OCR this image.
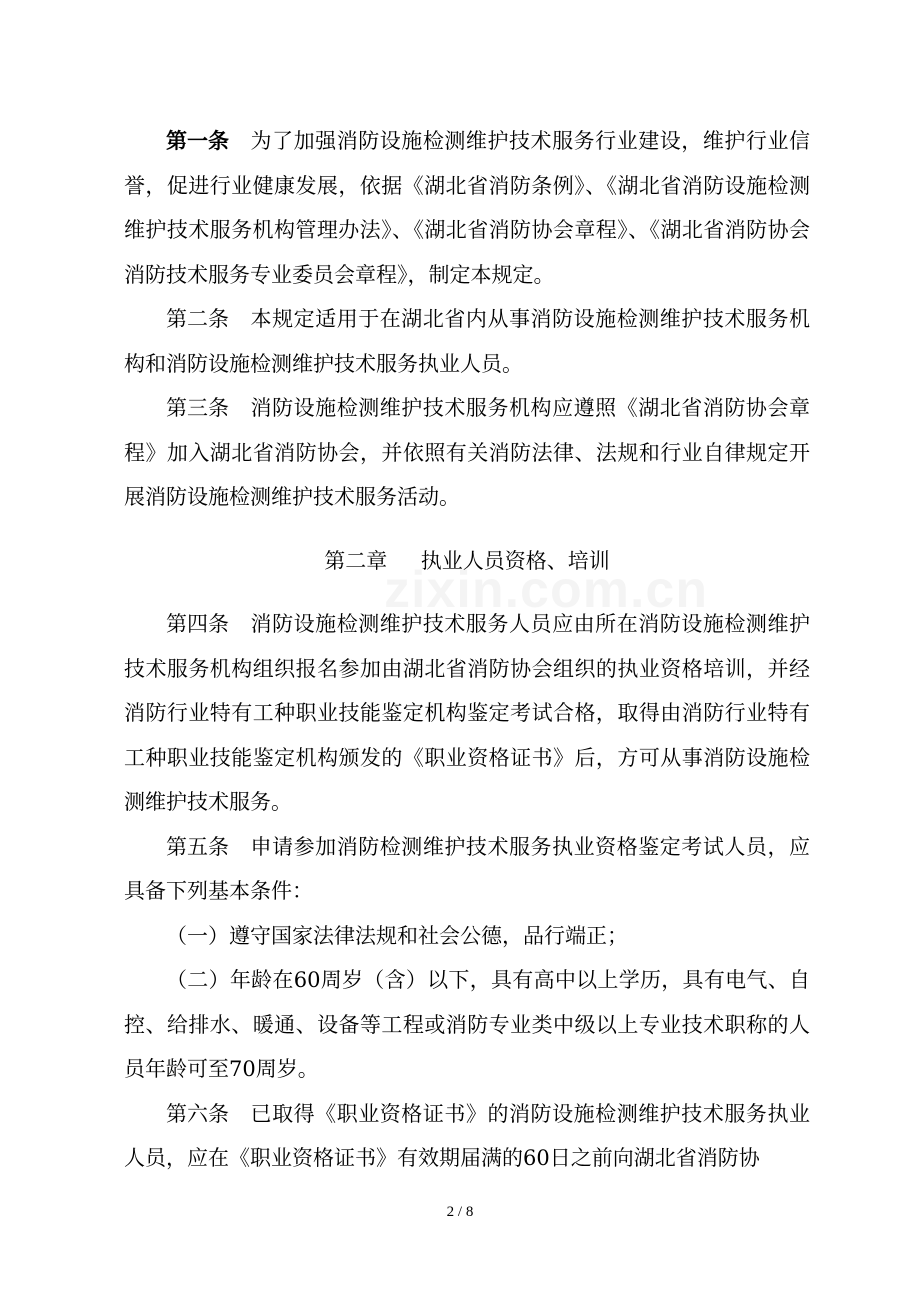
第一条 为了加强消防设施检测维护技术服务行业建设，维护行业信誉，促进行业健康发展，依据《湖北省消防条例》、《湖北省消防设施检测维护技术服务机构管理办法》、《湖北省消防协会章程》、《湖北省消防协会消防技术服务专业委员会章程》，制定本规定。

第二条 本规定适用于在湖北省内从事消防设施检测维护技术服务机构和消防设施检测维护技术服务执业人员。

第三条 消防设施检测维护技术服务机构应遵照《湖北省消防协会章程》加入湖北省消防协会，并依照有关消防法律、法规和行业自律规定开展消防设施检测维护技术服务活动。

第二章 执业人员资格、培训

第四条 消防设施检测维护技术服务人员应由所在消防设施检测维护技术服务机构组织报名参加由湖北省消防协会组织的执业资格培训，并经消防行业特有工种职业技能鉴定机构鉴定考试合格，取得由消防行业特有工种职业技能鉴定机构颁发的《职业资格证书》后，方可从事消防设施检测维护技术服务。

第五条 申请参加消防检测维护技术服务执业资格鉴定考试人员，应具备下列基本条件：

（一）遵守国家法律法规和社会公德，品行端正；

（二）年龄在60周岁（含）以下，具有高中以上学历，具有电气、自控、给排水、暖通、设备等工程或消防专业类中级以上专业技术职称的人员年龄可至70周岁。

第六条 已取得《职业资格证书》的消防设施检测维护技术服务执业人员，应在《职业资格证书》有效期届满的60日之前向湖北省消防协

2 / 8
